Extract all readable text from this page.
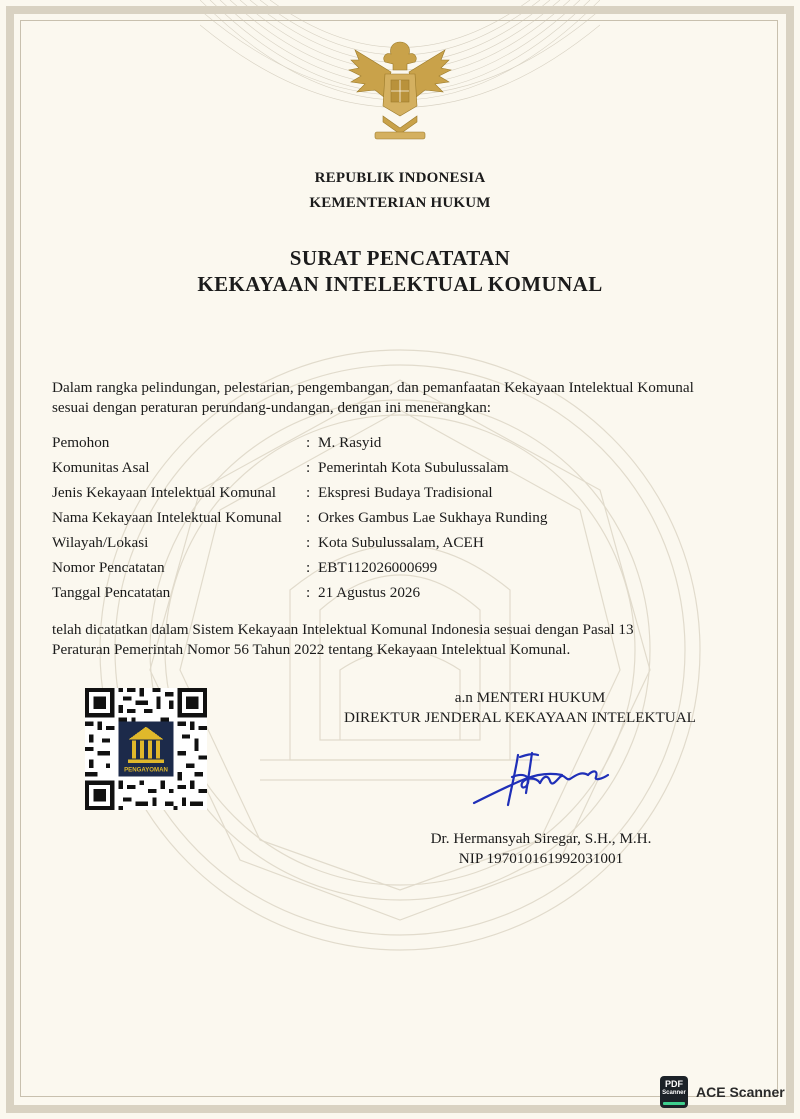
REPUBLIK INDONESIA
KEMENTERIAN HUKUM
SURAT PENCATATAN
KEKAYAAN INTELEKTUAL KOMUNAL
Dalam rangka pelindungan, pelestarian, pengembangan, dan pemanfaatan Kekayaan Intelektual Komunal
sesuai dengan peraturan perundang-undangan, dengan ini menerangkan:
Pemohon	: M. Rasyid
Komunitas Asal	: Pemerintah Kota Subulussalam
Jenis Kekayaan Intelektual Komunal	: Ekspresi Budaya Tradisional
Nama Kekayaan Intelektual Komunal	: Orkes Gambus Lae Sukhaya Runding
Wilayah/Lokasi	: Kota Subulussalam, ACEH
Nomor Pencatatan	: EBT112026000699
Tanggal Pencatatan	: 21 Agustus 2026
telah dicatatkan dalam Sistem Kekayaan Intelektual Komunal Indonesia sesuai dengan Pasal 13
Peraturan Pemerintah Nomor 56 Tahun 2022 tentang Kekayaan Intelektual Komunal.
PENGAYOMAN
a.n MENTERI HUKUM
DIREKTUR JENDERAL KEKAYAAN INTELEKTUAL
Dr. Hermansyah Siregar, S.H., M.H.
NIP 197010161992031001
PDF
Scanner ACE Scanner
